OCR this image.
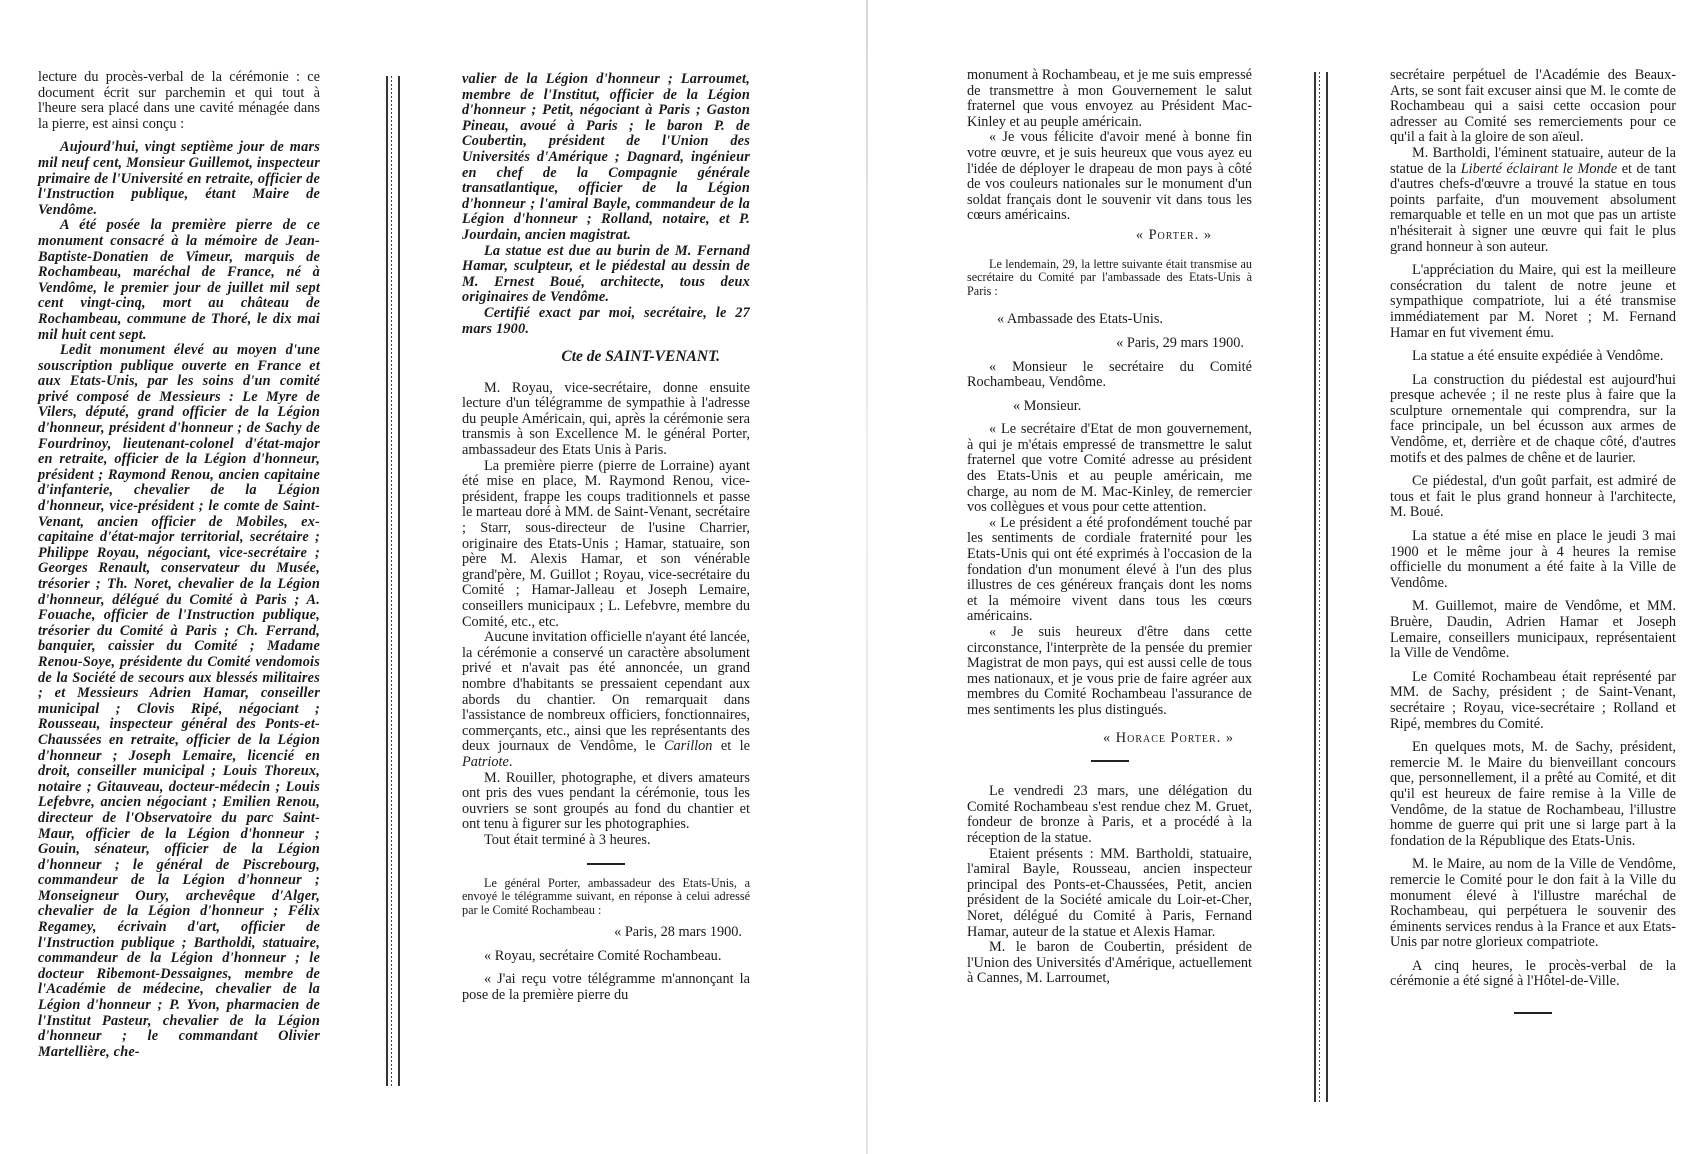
lecture du procès-verbal de la cérémonie : ce document écrit sur parchemin et qui tout à l'heure sera placé dans une cavité ménagée dans la pierre, est ainsi conçu :

Aujourd'hui, vingt septième jour de mars mil neuf cent, Monsieur Guillemot, inspecteur primaire de l'Université en retraite, officier de l'Instruction publique, étant Maire de Vendôme.

A été posée la première pierre de ce monument consacré à la mémoire de Jean-Baptiste-Donatien de Vimeur, marquis de Rochambeau, maréchal de France, né à Vendôme, le premier jour de juillet mil sept cent vingt-cinq, mort au château de Rochambeau, commune de Thoré, le dix mai mil huit cent sept.

Ledit monument élevé au moyen d'une souscription publique ouverte en France et aux Etats-Unis, par les soins d'un comité privé composé de Messieurs : Le Myre de Vilers, député, grand officier de la Légion d'honneur, président d'honneur ; de Sachy de Fourdrinoy, lieutenant-colonel d'état-major en retraite, officier de la Légion d'honneur, président ; Raymond Renou, ancien capitaine d'infanterie, chevalier de la Légion d'honneur, vice-président ; le comte de Saint-Venant, ancien officier de Mobiles, ex-capitaine d'état-major territorial, secrétaire ; Philippe Royau, négociant, vice-secrétaire ; Georges Renault, conservateur du Musée, trésorier ; Th. Noret, chevalier de la Légion d'honneur, délégué du Comité à Paris ; A. Fouache, officier de l'Instruction publique, trésorier du Comité à Paris ; Ch. Ferrand, banquier, caissier du Comité ; Madame Renou-Soye, présidente du Comité vendomois de la Société de secours aux blessés militaires ; et Messieurs Adrien Hamar, conseiller municipal ; Clovis Ripé, négociant ; Rousseau, inspecteur général des Ponts-et-Chaussées en retraite, officier de la Légion d'honneur ; Joseph Lemaire, licencié en droit, conseiller municipal ; Louis Thoreux, notaire ; Gitauveau, docteur-médecin ; Louis Lefebvre, ancien négociant ; Emilien Renou, directeur de l'Observatoire du parc Saint-Maur, officier de la Légion d'honneur ; Gouin, sénateur, officier de la Légion d'honneur ; le général de Piscrebourg, commandeur de la Légion d'honneur ; Monseigneur Oury, archevêque d'Alger, chevalier de la Légion d'honneur ; Félix Regamey, écrivain d'art, officier de l'Instruction publique ; Bartholdi, statuaire, commandeur de la Légion d'honneur ; le docteur Ribemont-Dessaignes, membre de l'Académie de médecine, chevalier de la Légion d'honneur ; P. Yvon, pharmacien de l'Institut Pasteur, chevalier de la Légion d'honneur ; le commandant Olivier Martellière, che-

valier de la Légion d'honneur ; Larroumet, membre de l'Institut, officier de la Légion d'honneur ; Petit, négociant à Paris ; Gaston Pineau, avoué à Paris ; le baron P. de Coubertin, président de l'Union des Universités d'Amérique ; Dagnard, ingénieur en chef de la Compagnie générale transatlantique, officier de la Légion d'honneur ; l'amiral Bayle, commandeur de la Légion d'honneur ; Rolland, notaire, et P. Jourdain, ancien magistrat.

La statue est due au burin de M. Fernand Hamar, sculpteur, et le piédestal au dessin de M. Ernest Boué, architecte, tous deux originaires de Vendôme.

Certifié exact par moi, secrétaire, le 27 mars 1900.

Cte de SAINT-VENANT.

M. Royau, vice-secrétaire, donne ensuite lecture d'un télégramme de sympathie à l'adresse du peuple Américain, qui, après la cérémonie sera transmis à son Excellence M. le général Porter, ambassadeur des Etats Unis à Paris.

La première pierre (pierre de Lorraine) ayant été mise en place, M. Raymond Renou, vice-président, frappe les coups traditionnels et passe le marteau doré à MM. de Saint-Venant, secrétaire ; Starr, sous-directeur de l'usine Charrier, originaire des Etats-Unis ; Hamar, statuaire, son père M. Alexis Hamar, et son vénérable grand'père, M. Guillot ; Royau, vice-secrétaire du Comité ; Hamar-Jalleau et Joseph Lemaire, conseillers municipaux ; L. Lefebvre, membre du Comité, etc., etc.

Aucune invitation officielle n'ayant été lancée, la cérémonie a conservé un caractère absolument privé et n'avait pas été annoncée, un grand nombre d'habitants se pressaient cependant aux abords du chantier. On remarquait dans l'assistance de nombreux officiers, fonctionnaires, commerçants, etc., ainsi que les représentants des deux journaux de Vendôme, le Carillon et le Patriote.

M. Rouiller, photographe, et divers amateurs ont pris des vues pendant la cérémonie, tous les ouvriers se sont groupés au fond du chantier et ont tenu à figurer sur les photographies.

Tout était terminé à 3 heures.

Le général Porter, ambassadeur des Etats-Unis, a envoyé le télégramme suivant, en réponse à celui adressé par le Comité Rochambeau :

« Paris, 28 mars 1900.

« Royau, secrétaire Comité Rochambeau.

« J'ai reçu votre télégramme m'annonçant la pose de la première pierre du

monument à Rochambeau, et je me suis empressé de transmettre à mon Gouvernement le salut fraternel que vous envoyez au Président Mac-Kinley et au peuple américain.

« Je vous félicite d'avoir mené à bonne fin votre œuvre, et je suis heureux que vous ayez eu l'idée de déployer le drapeau de mon pays à côté de vos couleurs nationales sur le monument d'un soldat français dont le souvenir vit dans tous les cœurs américains.

« Porter. »

Le lendemain, 29, la lettre suivante était transmise au secrétaire du Comité par l'ambassade des Etats-Unis à Paris :

« Ambassade des Etats-Unis.

« Paris, 29 mars 1900.

« Monsieur le secrétaire du Comité Rochambeau, Vendôme.

« Monsieur.

« Le secrétaire d'Etat de mon gouvernement, à qui je m'étais empressé de transmettre le salut fraternel que votre Comité adresse au président des Etats-Unis et au peuple américain, me charge, au nom de M. Mac-Kinley, de remercier vos collègues et vous pour cette attention.

« Le président a été profondément touché par les sentiments de cordiale fraternité pour les Etats-Unis qui ont été exprimés à l'occasion de la fondation d'un monument élevé à l'un des plus illustres de ces généreux français dont les noms et la mémoire vivent dans tous les cœurs américains.

« Je suis heureux d'être dans cette circonstance, l'interprète de la pensée du premier Magistrat de mon pays, qui est aussi celle de tous mes nationaux, et je vous prie de faire agréer aux membres du Comité Rochambeau l'assurance de mes sentiments les plus distingués.

« Horace Porter. »

Le vendredi 23 mars, une délégation du Comité Rochambeau s'est rendue chez M. Gruet, fondeur de bronze à Paris, et a procédé à la réception de la statue.

Etaient présents : MM. Bartholdi, statuaire, l'amiral Bayle, Rousseau, ancien inspecteur principal des Ponts-et-Chaussées, Petit, ancien président de la Société amicale du Loir-et-Cher, Noret, délégué du Comité à Paris, Fernand Hamar, auteur de la statue et Alexis Hamar.

M. le baron de Coubertin, président de l'Union des Universités d'Amérique, actuellement à Cannes, M. Larroumet,

secrétaire perpétuel de l'Académie des Beaux-Arts, se sont fait excuser ainsi que M. le comte de Rochambeau qui a saisi cette occasion pour adresser au Comité ses remerciements pour ce qu'il a fait à la gloire de son aïeul.

M. Bartholdi, l'éminent statuaire, auteur de la statue de la Liberté éclairant le Monde et de tant d'autres chefs-d'œuvre a trouvé la statue en tous points parfaite, d'un mouvement absolument remarquable et telle en un mot que pas un artiste n'hésiterait à signer une œuvre qui fait le plus grand honneur à son auteur.

L'appréciation du Maire, qui est la meilleure consécration du talent de notre jeune et sympathique compatriote, lui a été transmise immédiatement par M. Noret ; M. Fernand Hamar en fut vivement ému.

La statue a été ensuite expédiée à Vendôme.

La construction du piédestal est aujourd'hui presque achevée ; il ne reste plus à faire que la sculpture ornementale qui comprendra, sur la face principale, un bel écusson aux armes de Vendôme, et, derrière et de chaque côté, d'autres motifs et des palmes de chêne et de laurier.

Ce piédestal, d'un goût parfait, est admiré de tous et fait le plus grand honneur à l'architecte, M. Boué.

La statue a été mise en place le jeudi 3 mai 1900 et le même jour à 4 heures la remise officielle du monument a été faite à la Ville de Vendôme.

M. Guillemot, maire de Vendôme, et MM. Bruère, Daudin, Adrien Hamar et Joseph Lemaire, conseillers municipaux, représentaient la Ville de Vendôme.

Le Comité Rochambeau était représenté par MM. de Sachy, président ; de Saint-Venant, secrétaire ; Royau, vice-secrétaire ; Rolland et Ripé, membres du Comité.

En quelques mots, M. de Sachy, président, remercie M. le Maire du bienveillant concours que, personnellement, il a prêté au Comité, et dit qu'il est heureux de faire remise à la Ville de Vendôme, de la statue de Rochambeau, l'illustre homme de guerre qui prit une si large part à la fondation de la République des Etats-Unis.

M. le Maire, au nom de la Ville de Vendôme, remercie le Comité pour le don fait à la Ville du monument élevé à l'illustre maréchal de Rochambeau, qui perpétuera le souvenir des éminents services rendus à la France et aux Etats-Unis par notre glorieux compatriote.

A cinq heures, le procès-verbal de la cérémonie a été signé à l'Hôtel-de-Ville.
